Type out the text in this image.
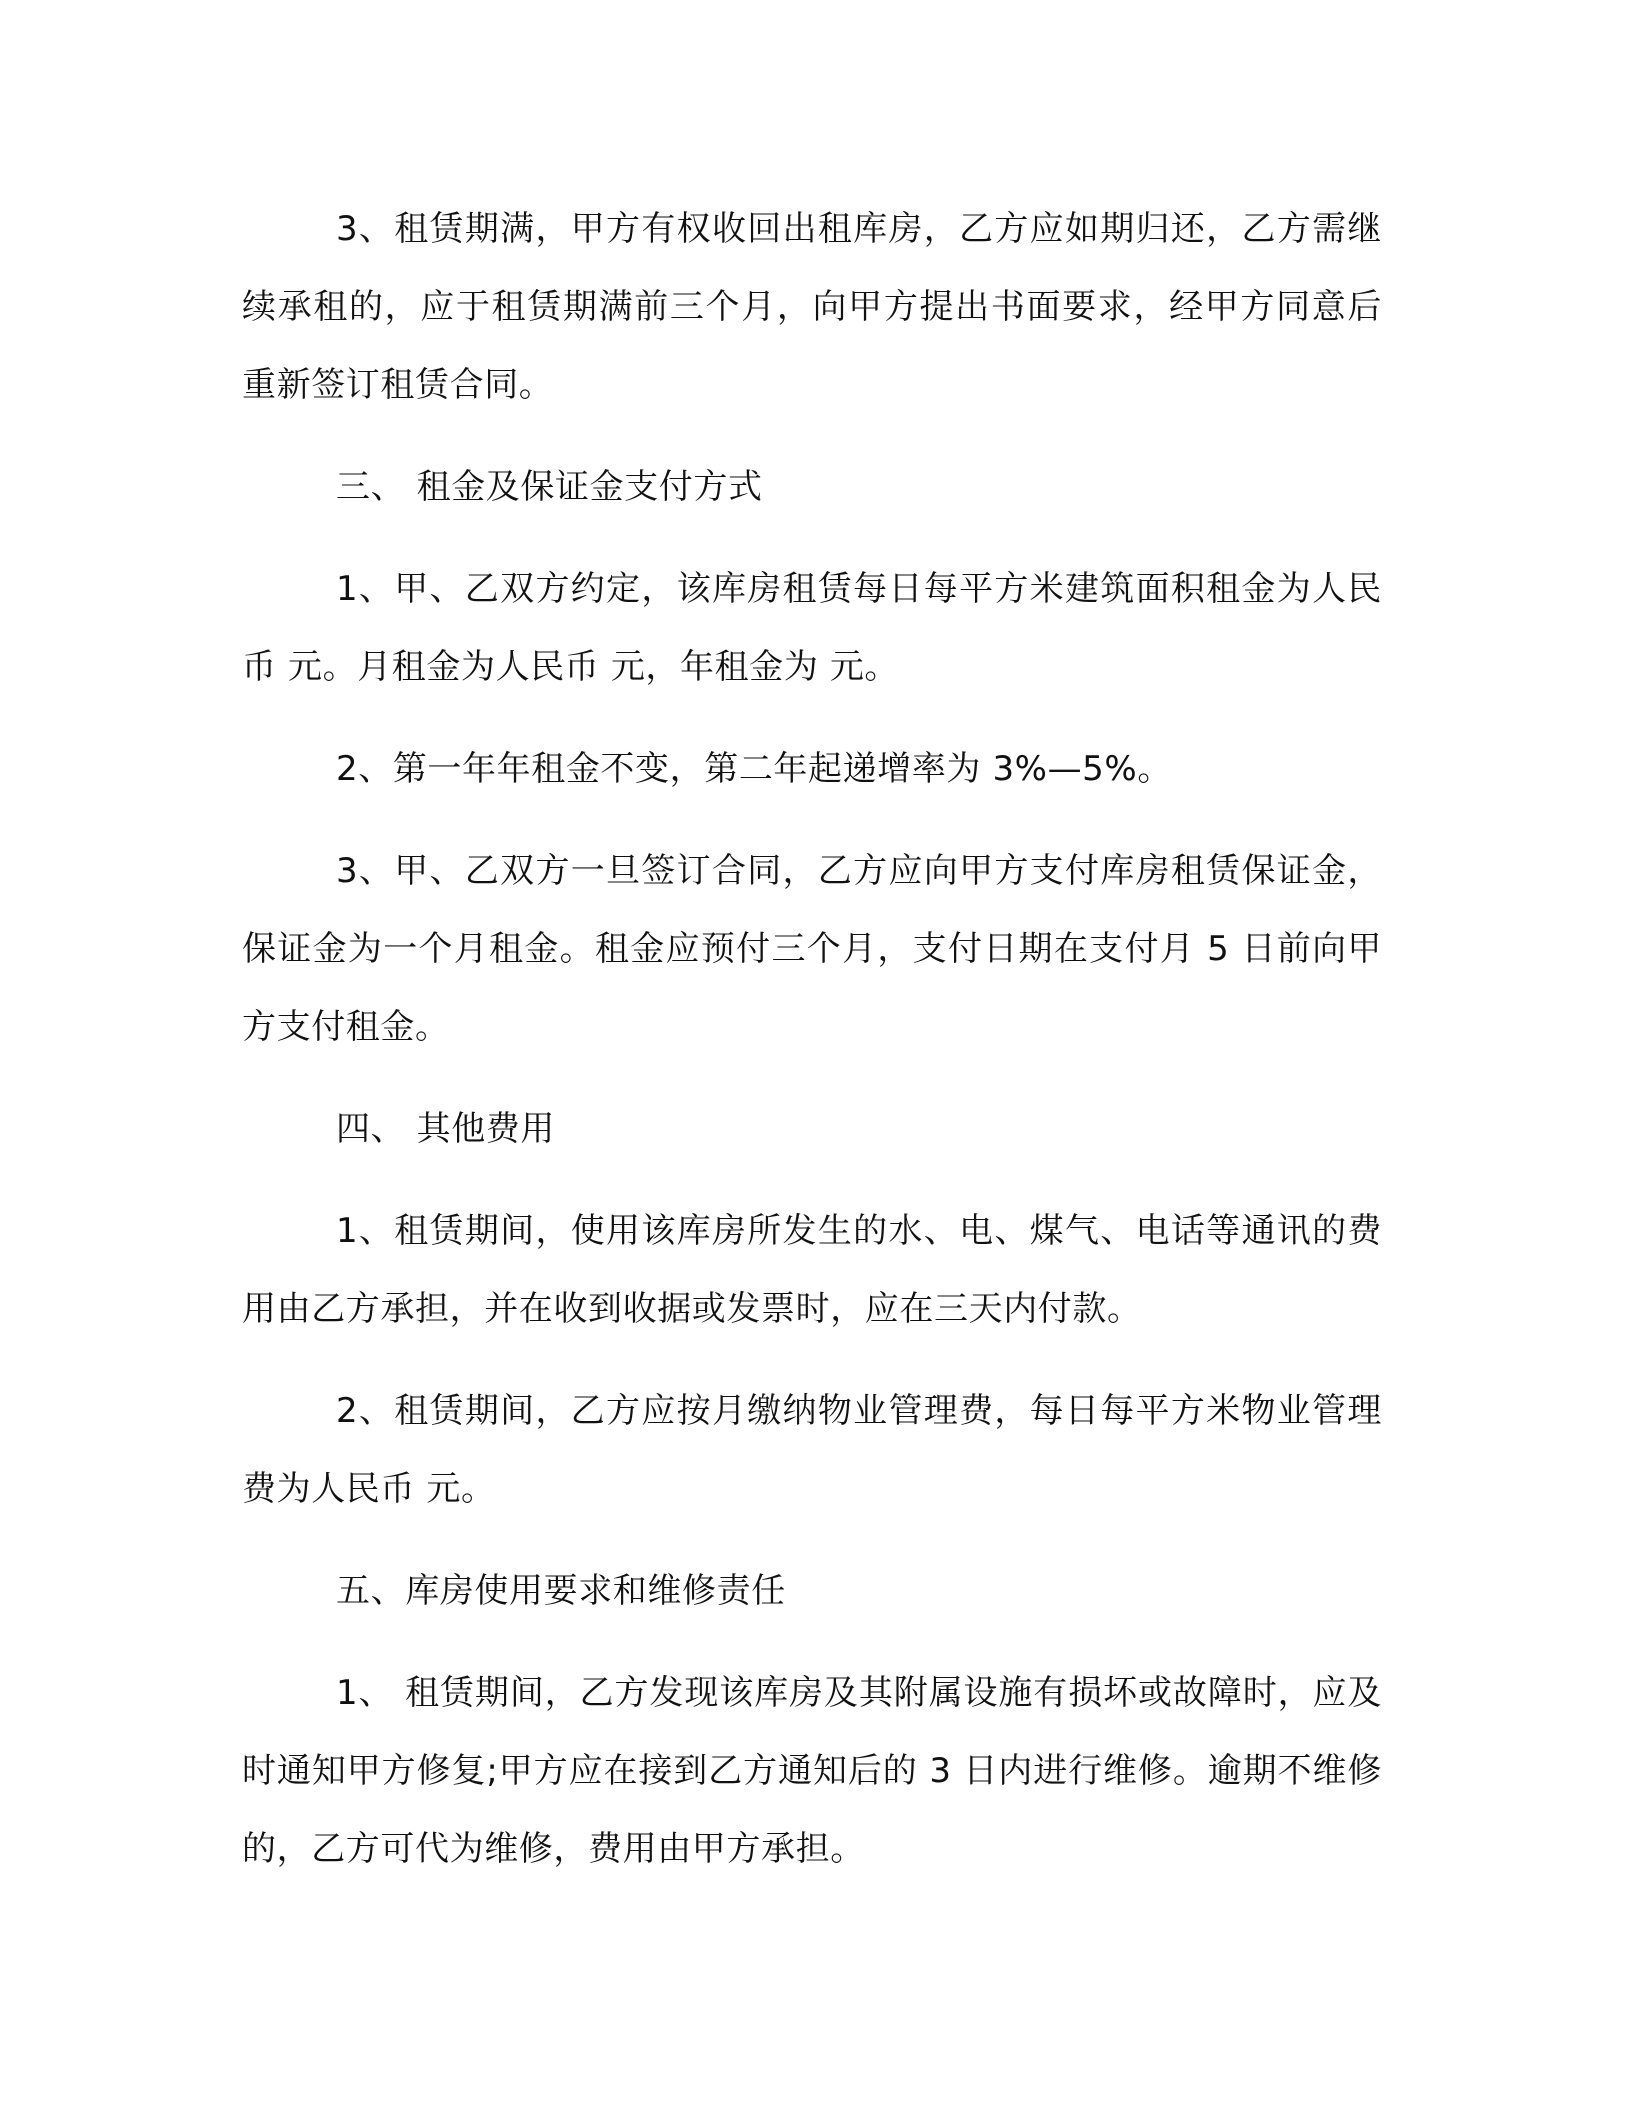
3、租赁期满，甲方有权收回出租库房，乙方应如期归还，乙方需继续承租的，应于租赁期满前三个月，向甲方提出书面要求，经甲方同意后重新签订租赁合同。

三、 租金及保证金支付方式

1、甲、乙双方约定，该库房租赁每日每平方米建筑面积租金为人民币 元。月租金为人民币 元，年租金为 元。

2、第一年年租金不变，第二年起递增率为 3%—5%。

3、甲、乙双方一旦签订合同，乙方应向甲方支付库房租赁保证金，保证金为一个月租金。租金应预付三个月，支付日期在支付月 5 日前向甲方支付租金。

四、 其他费用

1、租赁期间，使用该库房所发生的水、电、煤气、电话等通讯的费用由乙方承担，并在收到收据或发票时，应在三天内付款。

2、租赁期间，乙方应按月缴纳物业管理费，每日每平方米物业管理费为人民币 元。

五、库房使用要求和维修责任

1、 租赁期间，乙方发现该库房及其附属设施有损坏或故障时，应及时通知甲方修复;甲方应在接到乙方通知后的 3 日内进行维修。逾期不维修的，乙方可代为维修，费用由甲方承担。
